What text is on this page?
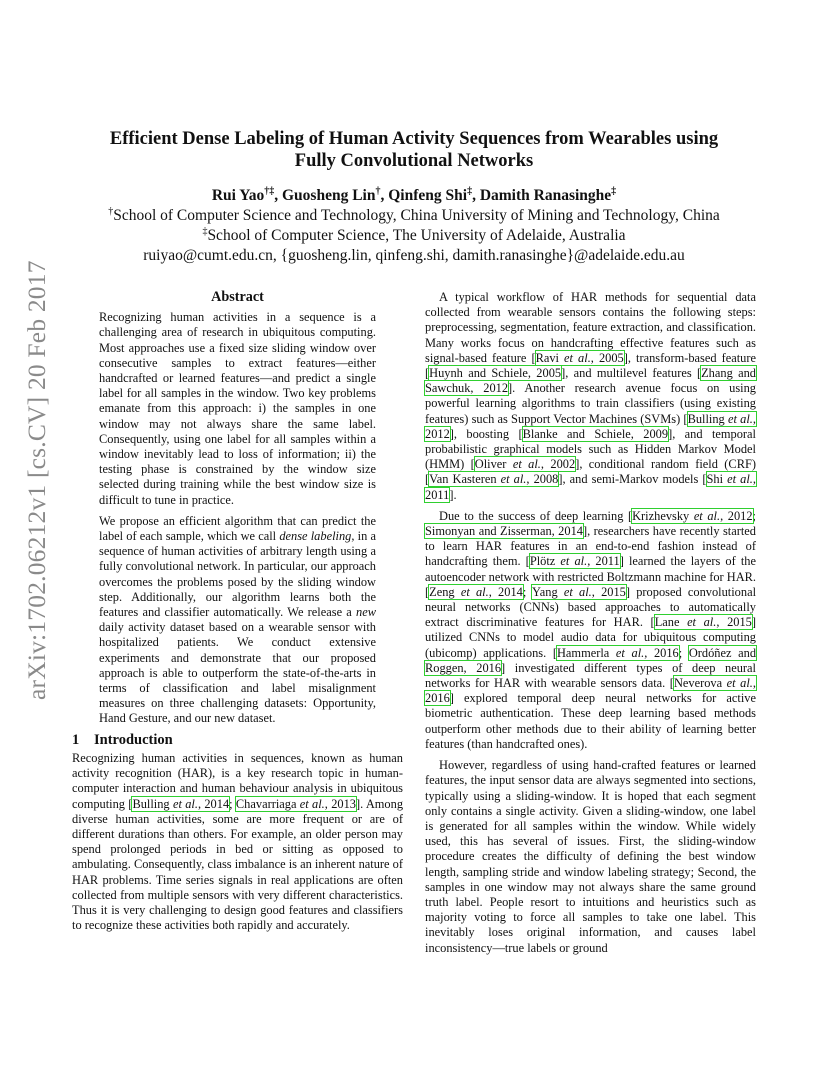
arXiv:1702.06212v1 [cs.CV] 20 Feb 2017
Efficient Dense Labeling of Human Activity Sequences from Wearables using
Fully Convolutional Networks
Rui Yao†‡, Guosheng Lin†, Qinfeng Shi‡, Damith Ranasinghe‡
†School of Computer Science and Technology, China University of Mining and Technology, China
‡School of Computer Science, The University of Adelaide, Australia
ruiyao@cumt.edu.cn, {guosheng.lin, qinfeng.shi, damith.ranasinghe}@adelaide.edu.au
Abstract

Recognizing human activities in a sequence is a challenging area of research in ubiquitous computing. Most approaches use a fixed size sliding window over consecutive samples to extract features—either handcrafted or learned features—and predict a single label for all samples in the window. Two key problems emanate from this approach: i) the samples in one window may not always share the same label. Consequently, using one label for all samples within a window inevitably lead to loss of information; ii) the testing phase is constrained by the window size selected during training while the best window size is difficult to tune in practice.

We propose an efficient algorithm that can predict the label of each sample, which we call dense labeling, in a sequence of human activities of arbitrary length using a fully convolutional network. In particular, our approach overcomes the problems posed by the sliding window step. Additionally, our algorithm learns both the features and classifier automatically. We release a new daily activity dataset based on a wearable sensor with hospitalized patients. We conduct extensive experiments and demonstrate that our proposed approach is able to outperform the state-of-the-arts in terms of classification and label misalignment measures on three challenging datasets: Opportunity, Hand Gesture, and our new dataset.

1 Introduction

Recognizing human activities in sequences, known as human activity recognition (HAR), is a key research topic in human-computer interaction and human behaviour analysis in ubiquitous computing [Bulling et al., 2014; Chavarriaga et al., 2013]. Among diverse human activities, some are more frequent or are of different durations than others. For example, an older person may spend prolonged periods in bed or sitting as opposed to ambulating. Consequently, class imbalance is an inherent nature of HAR problems. Time series signals in real applications are often collected from multiple sensors with very different characteristics. Thus it is very challenging to design good features and classifiers to recognize these activities both rapidly and accurately.

A typical workflow of HAR methods for sequential data collected from wearable sensors contains the following steps: preprocessing, segmentation, feature extraction, and classification. Many works focus on handcrafting effective features such as signal-based feature [Ravi et al., 2005], transform-based feature [Huynh and Schiele, 2005], and multilevel features [Zhang and Sawchuk, 2012]. Another research avenue focus on using powerful learning algorithms to train classifiers (using existing features) such as Support Vector Machines (SVMs) [Bulling et al., 2012], boosting [Blanke and Schiele, 2009], and temporal probabilistic graphical models such as Hidden Markov Model (HMM) [Oliver et al., 2002], conditional random field (CRF) [Van Kasteren et al., 2008], and semi-Markov models [Shi et al., 2011].

Due to the success of deep learning [Krizhevsky et al., 2012; Simonyan and Zisserman, 2014], researchers have recently started to learn HAR features in an end-to-end fashion instead of handcrafting them. [Plötz et al., 2011] learned the layers of the autoencoder network with restricted Boltzmann machine for HAR. [Zeng et al., 2014; Yang et al., 2015] proposed convolutional neural networks (CNNs) based approaches to automatically extract discriminative features for HAR. [Lane et al., 2015] utilized CNNs to model audio data for ubiquitous computing (ubicomp) applications. [Hammerla et al., 2016; Ordóñez and Roggen, 2016] investigated different types of deep neural networks for HAR with wearable sensors data. [Neverova et al., 2016] explored temporal deep neural networks for active biometric authentication. These deep learning based methods outperform other methods due to their ability of learning better features (than handcrafted ones).

However, regardless of using hand-crafted features or learned features, the input sensor data are always segmented into sections, typically using a sliding-window. It is hoped that each segment only contains a single activity. Given a sliding-window, one label is generated for all samples within the window. While widely used, this has several of issues. First, the sliding-window procedure creates the difficulty of defining the best window length, sampling stride and window labeling strategy; Second, the samples in one window may not always share the same ground truth label. People resort to intuitions and heuristics such as majority voting to force all samples to take one label. This inevitably loses original information, and causes label inconsistency—true labels or ground
